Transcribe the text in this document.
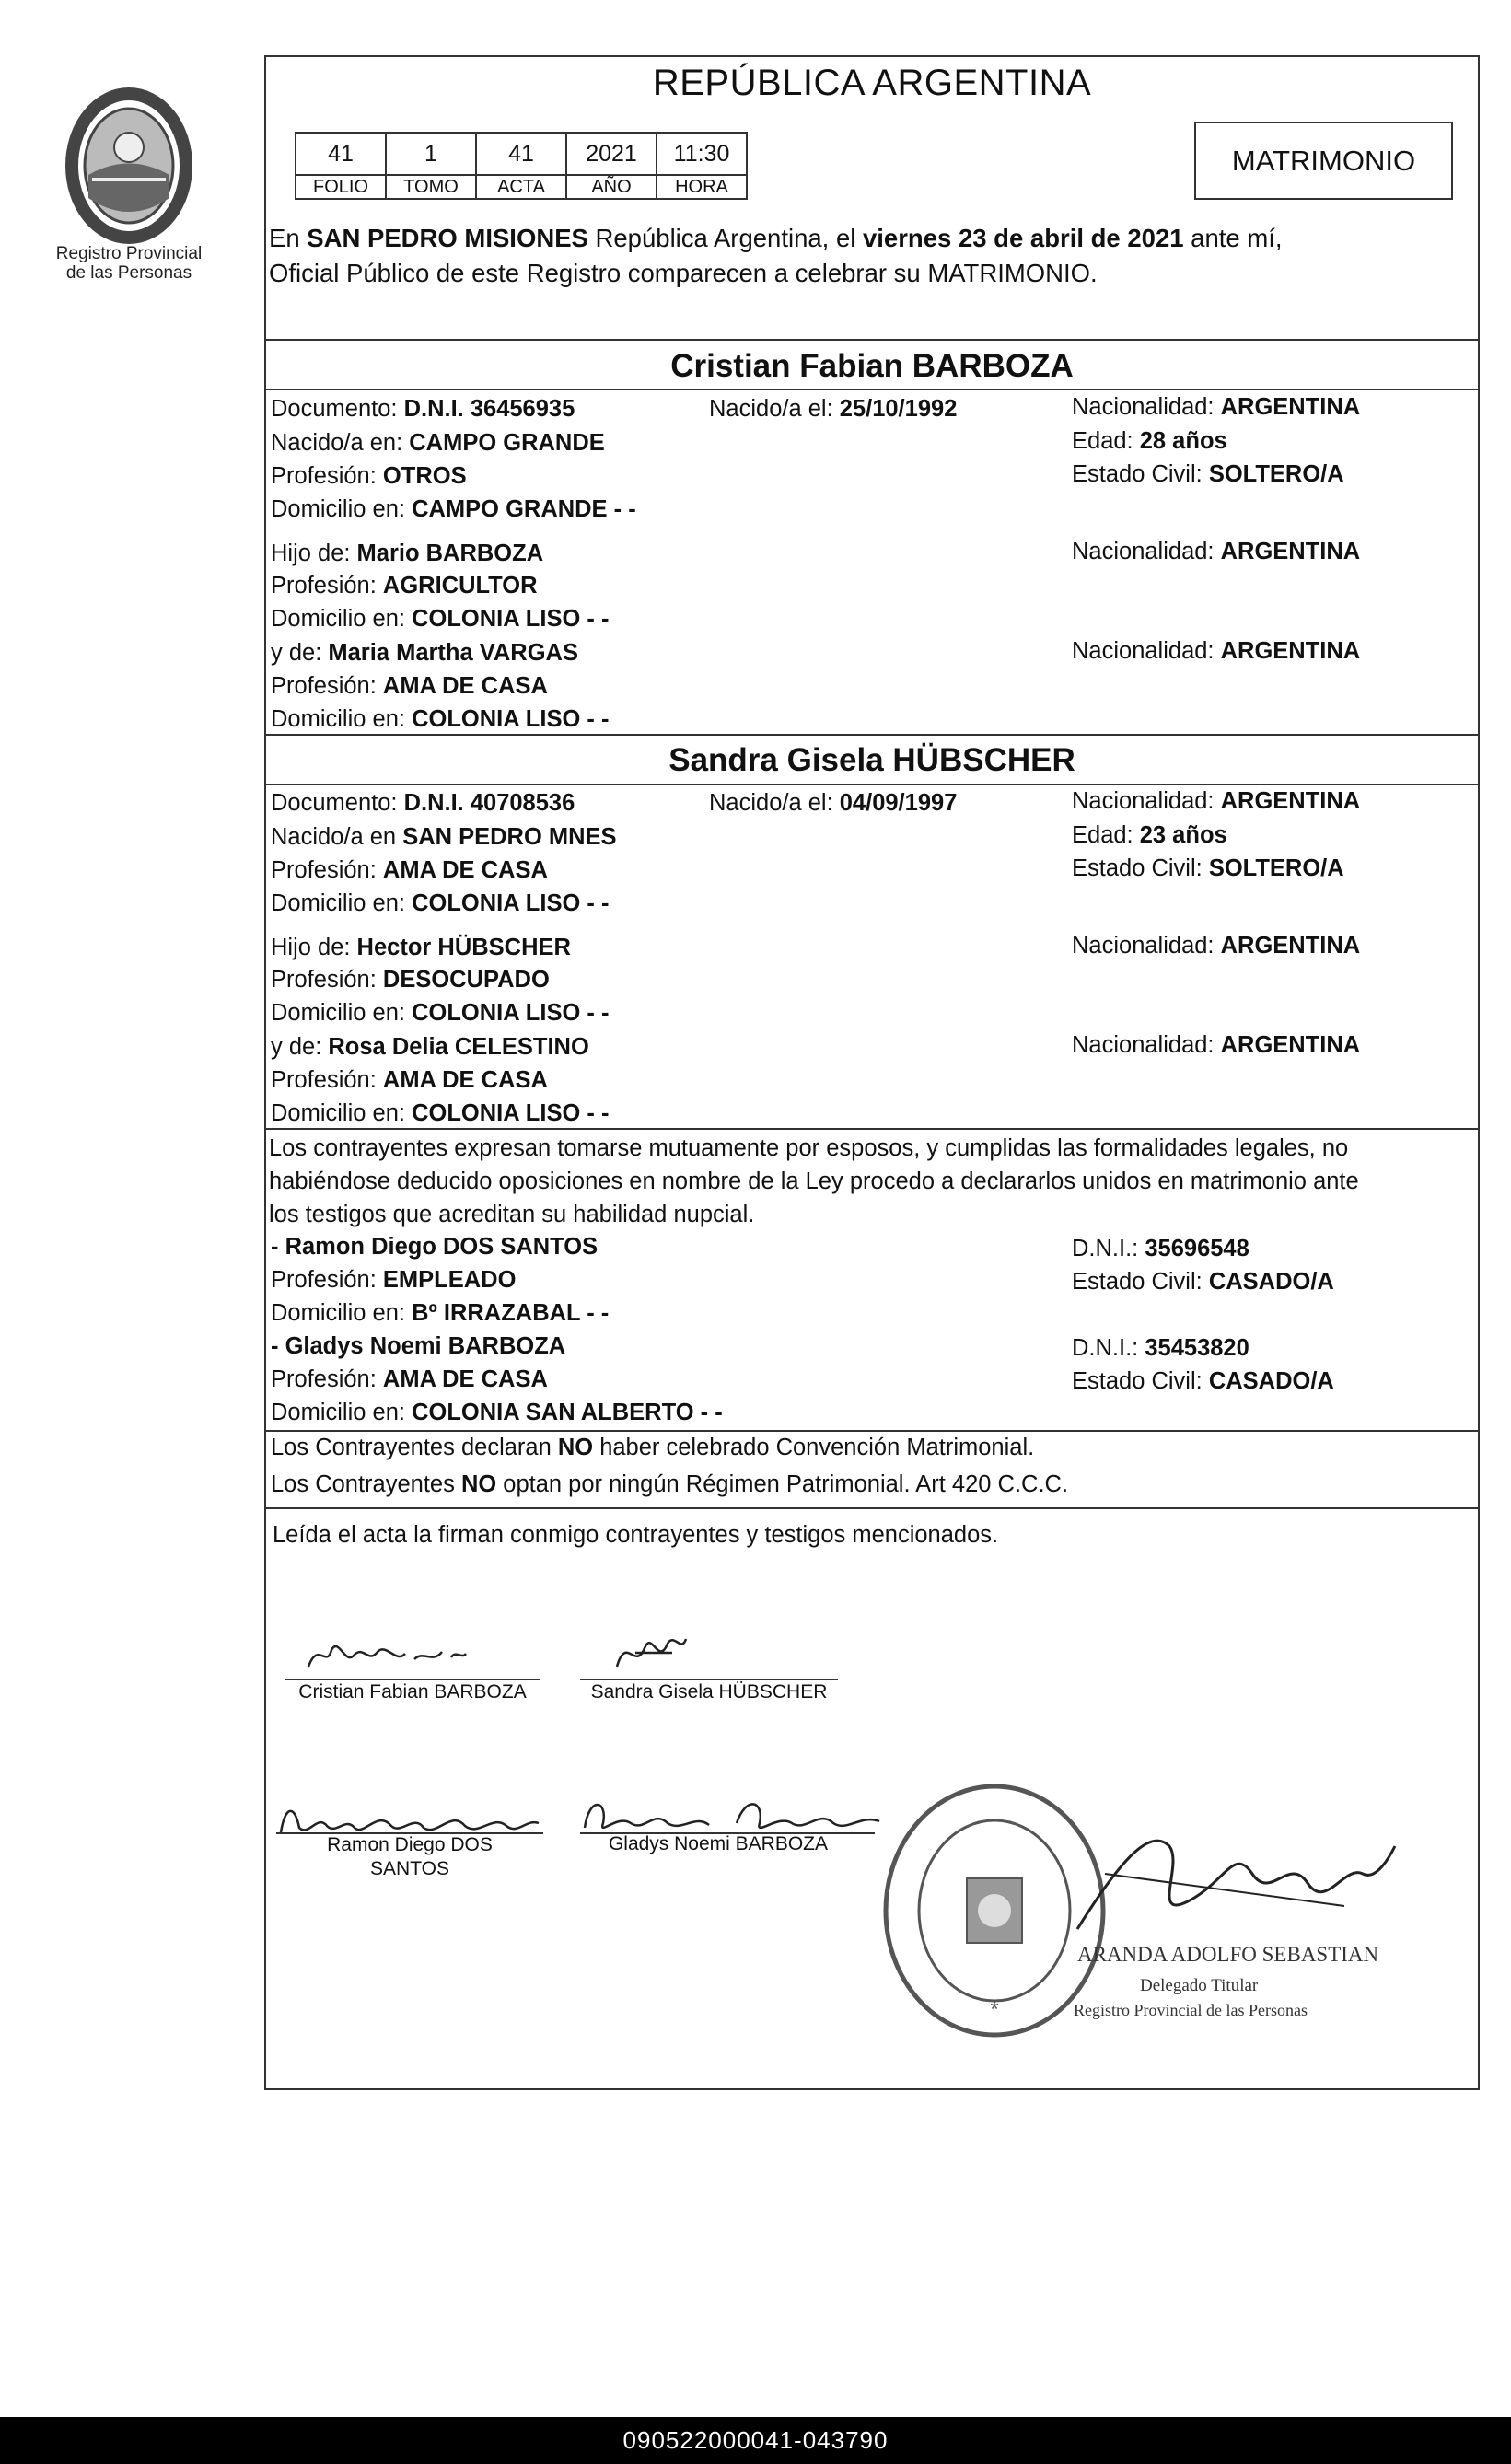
Registro Provincial
de las Personas
REPÚBLICA ARGENTINA
41	1	41	2021	11:30
FOLIO	TOMO	ACTA	AÑO	HORA
MATRIMONIO
En SAN PEDRO MISIONES República Argentina, el viernes 23 de abril de 2021 ante mí,
Oficial Público de este Registro comparecen a celebrar su MATRIMONIO.
Cristian Fabian BARBOZA
Documento: D.N.I. 36456935	Nacido/a el: 25/10/1992	Nacionalidad: ARGENTINA
Nacido/a en: CAMPO GRANDE	Edad: 28 años
Profesión: OTROS	Estado Civil: SOLTERO/A
Domicilio en: CAMPO GRANDE - -
Hijo de: Mario BARBOZA	Nacionalidad: ARGENTINA
Profesión: AGRICULTOR
Domicilio en: COLONIA LISO - -
y de: Maria Martha VARGAS	Nacionalidad: ARGENTINA
Profesión: AMA DE CASA
Domicilio en: COLONIA LISO - -
Sandra Gisela HÜBSCHER
Documento: D.N.I. 40708536	Nacido/a el: 04/09/1997	Nacionalidad: ARGENTINA
Nacido/a en SAN PEDRO MNES	Edad: 23 años
Profesión: AMA DE CASA	Estado Civil: SOLTERO/A
Domicilio en: COLONIA LISO - -
Hijo de: Hector HÜBSCHER	Nacionalidad: ARGENTINA
Profesión: DESOCUPADO
Domicilio en: COLONIA LISO - -
y de: Rosa Delia CELESTINO	Nacionalidad: ARGENTINA
Profesión: AMA DE CASA
Domicilio en: COLONIA LISO - -
Los contrayentes expresan tomarse mutuamente por esposos, y cumplidas las formalidades legales, no
habiéndose deducido oposiciones en nombre de la Ley procedo a declararlos unidos en matrimonio ante
los testigos que acreditan su habilidad nupcial.
- Ramon Diego DOS SANTOS	D.N.I.: 35696548
Profesión: EMPLEADO	Estado Civil: CASADO/A
Domicilio en: Bº IRRAZABAL - -
- Gladys Noemi BARBOZA	D.N.I.: 35453820
Profesión: AMA DE CASA	Estado Civil: CASADO/A
Domicilio en: COLONIA SAN ALBERTO - -
Los Contrayentes declaran NO haber celebrado Convención Matrimonial.
Los Contrayentes NO optan por ningún Régimen Patrimonial. Art 420 C.C.C.
Leída el acta la firman conmigo contrayentes y testigos mencionados.
Cristian Fabian BARBOZA	Sandra Gisela HÜBSCHER
Ramon Diego DOS
SANTOS
Gladys Noemi BARBOZA
*
ARANDA ADOLFO SEBASTIAN
Delegado Titular
Registro Provincial de las Personas
090522000041-043790
